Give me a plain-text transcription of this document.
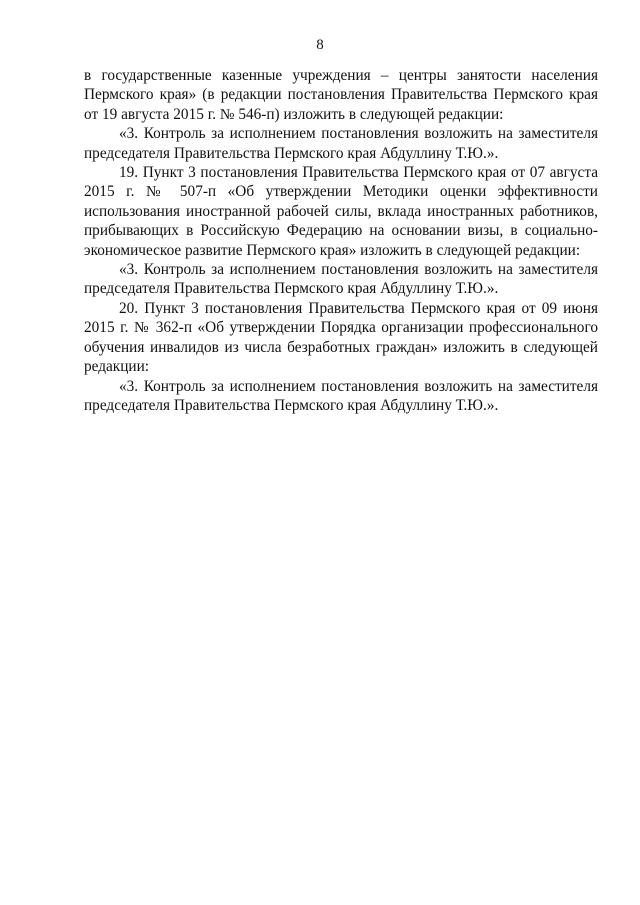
8

в государственные казенные учреждения – центры занятости населения Пермского края» (в редакции постановления Правительства Пермского края от 19 августа 2015 г. № 546-п) изложить в следующей редакции:

«3. Контроль за исполнением постановления возложить на заместителя председателя Правительства Пермского края Абдуллину Т.Ю.».

19. Пункт 3 постановления Правительства Пермского края от 07 августа 2015 г. № 507-п «Об утверждении Методики оценки эффективности использования иностранной рабочей силы, вклада иностранных работников, прибывающих в Российскую Федерацию на основании визы, в социально-экономическое развитие Пермского края» изложить в следующей редакции:

«3. Контроль за исполнением постановления возложить на заместителя председателя Правительства Пермского края Абдуллину Т.Ю.».

20. Пункт 3 постановления Правительства Пермского края от 09 июня 2015 г. № 362-п «Об утверждении Порядка организации профессионального обучения инвалидов из числа безработных граждан» изложить в следующей редакции:

«3. Контроль за исполнением постановления возложить на заместителя председателя Правительства Пермского края Абдуллину Т.Ю.».
